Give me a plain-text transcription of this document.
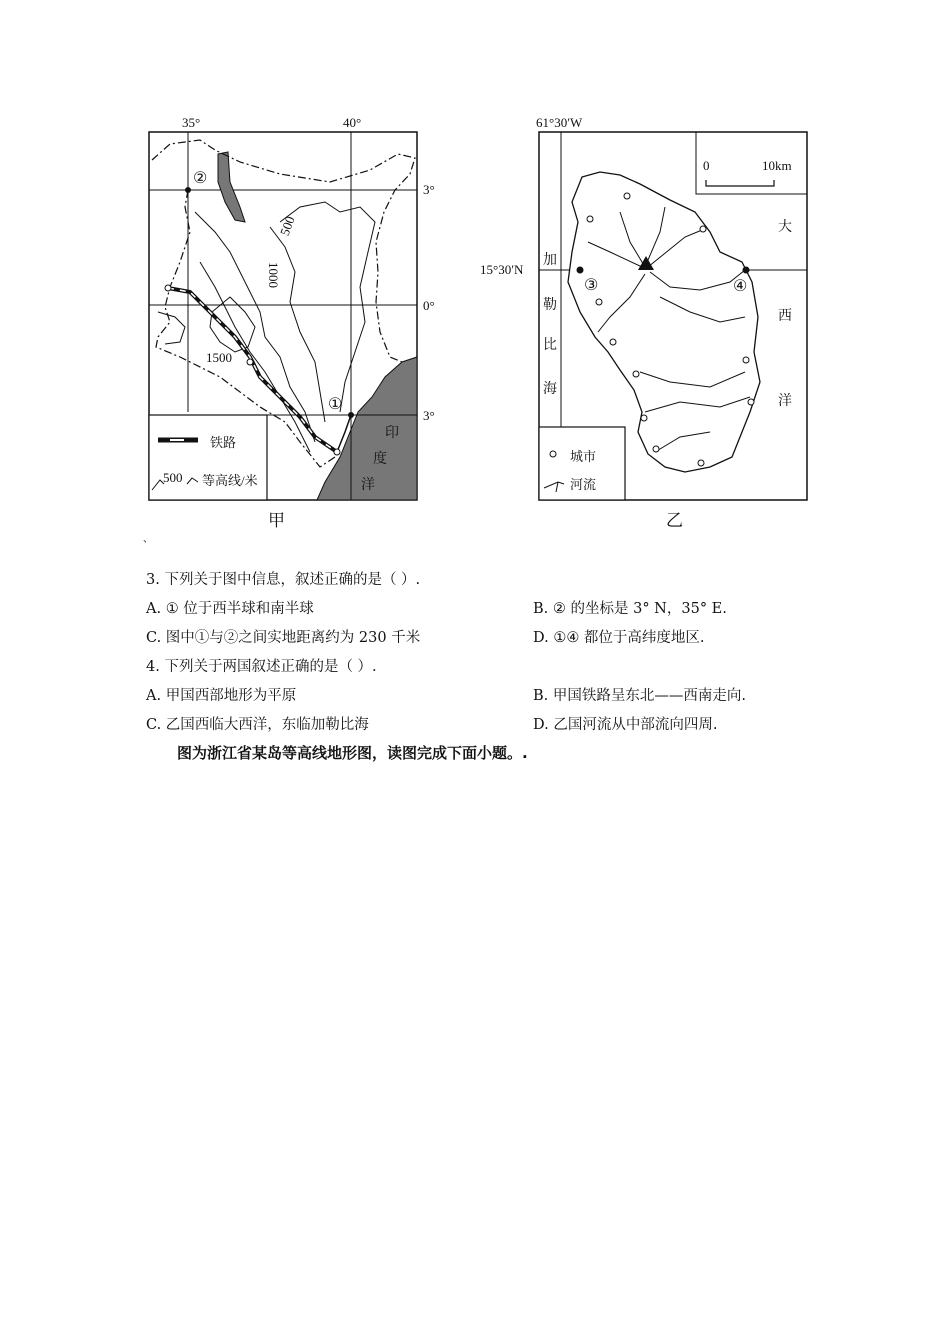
35°	40°
3°
0°
3°
500
1000
1500
①
②
印
度
洋
铁路
500 等高线/米
甲
61°30′W
15°30′N
0	10km
③	④
加
勒
比
海
大
西
洋
城市
河流
乙
、
3. 下列关于图中信息，叙述正确的是（ ）.
A. ① 位于西半球和南半球	B. ② 的坐标是 3° N，35° E.
C. 图中①与②之间实地距离约为 230 千米	D. ①④ 都位于高纬度地区.
4. 下列关于两国叙述正确的是（ ）.
A. 甲国西部地形为平原	B. 甲国铁路呈东北——西南走向.
C. 乙国西临大西洋，东临加勒比海	D. 乙国河流从中部流向四周.
图为浙江省某岛等高线地形图，读图完成下面小题。.
